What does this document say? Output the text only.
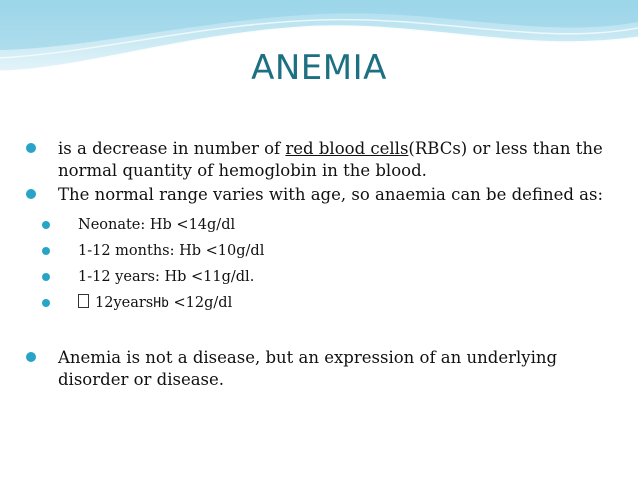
ANEMIA
is a decrease in number of red blood cells(RBCs) or less than the normal quantity of hemoglobin in the blood.
The normal range varies with age, so anaemia can be defined as:
Neonate: Hb <14g/dl
1-12 months: Hb <10g/dl
1-12 years: Hb <11g/dl.
12yearsHb <12g/dl
Anemia is not a disease, but an expression of an underlying disorder or disease.
